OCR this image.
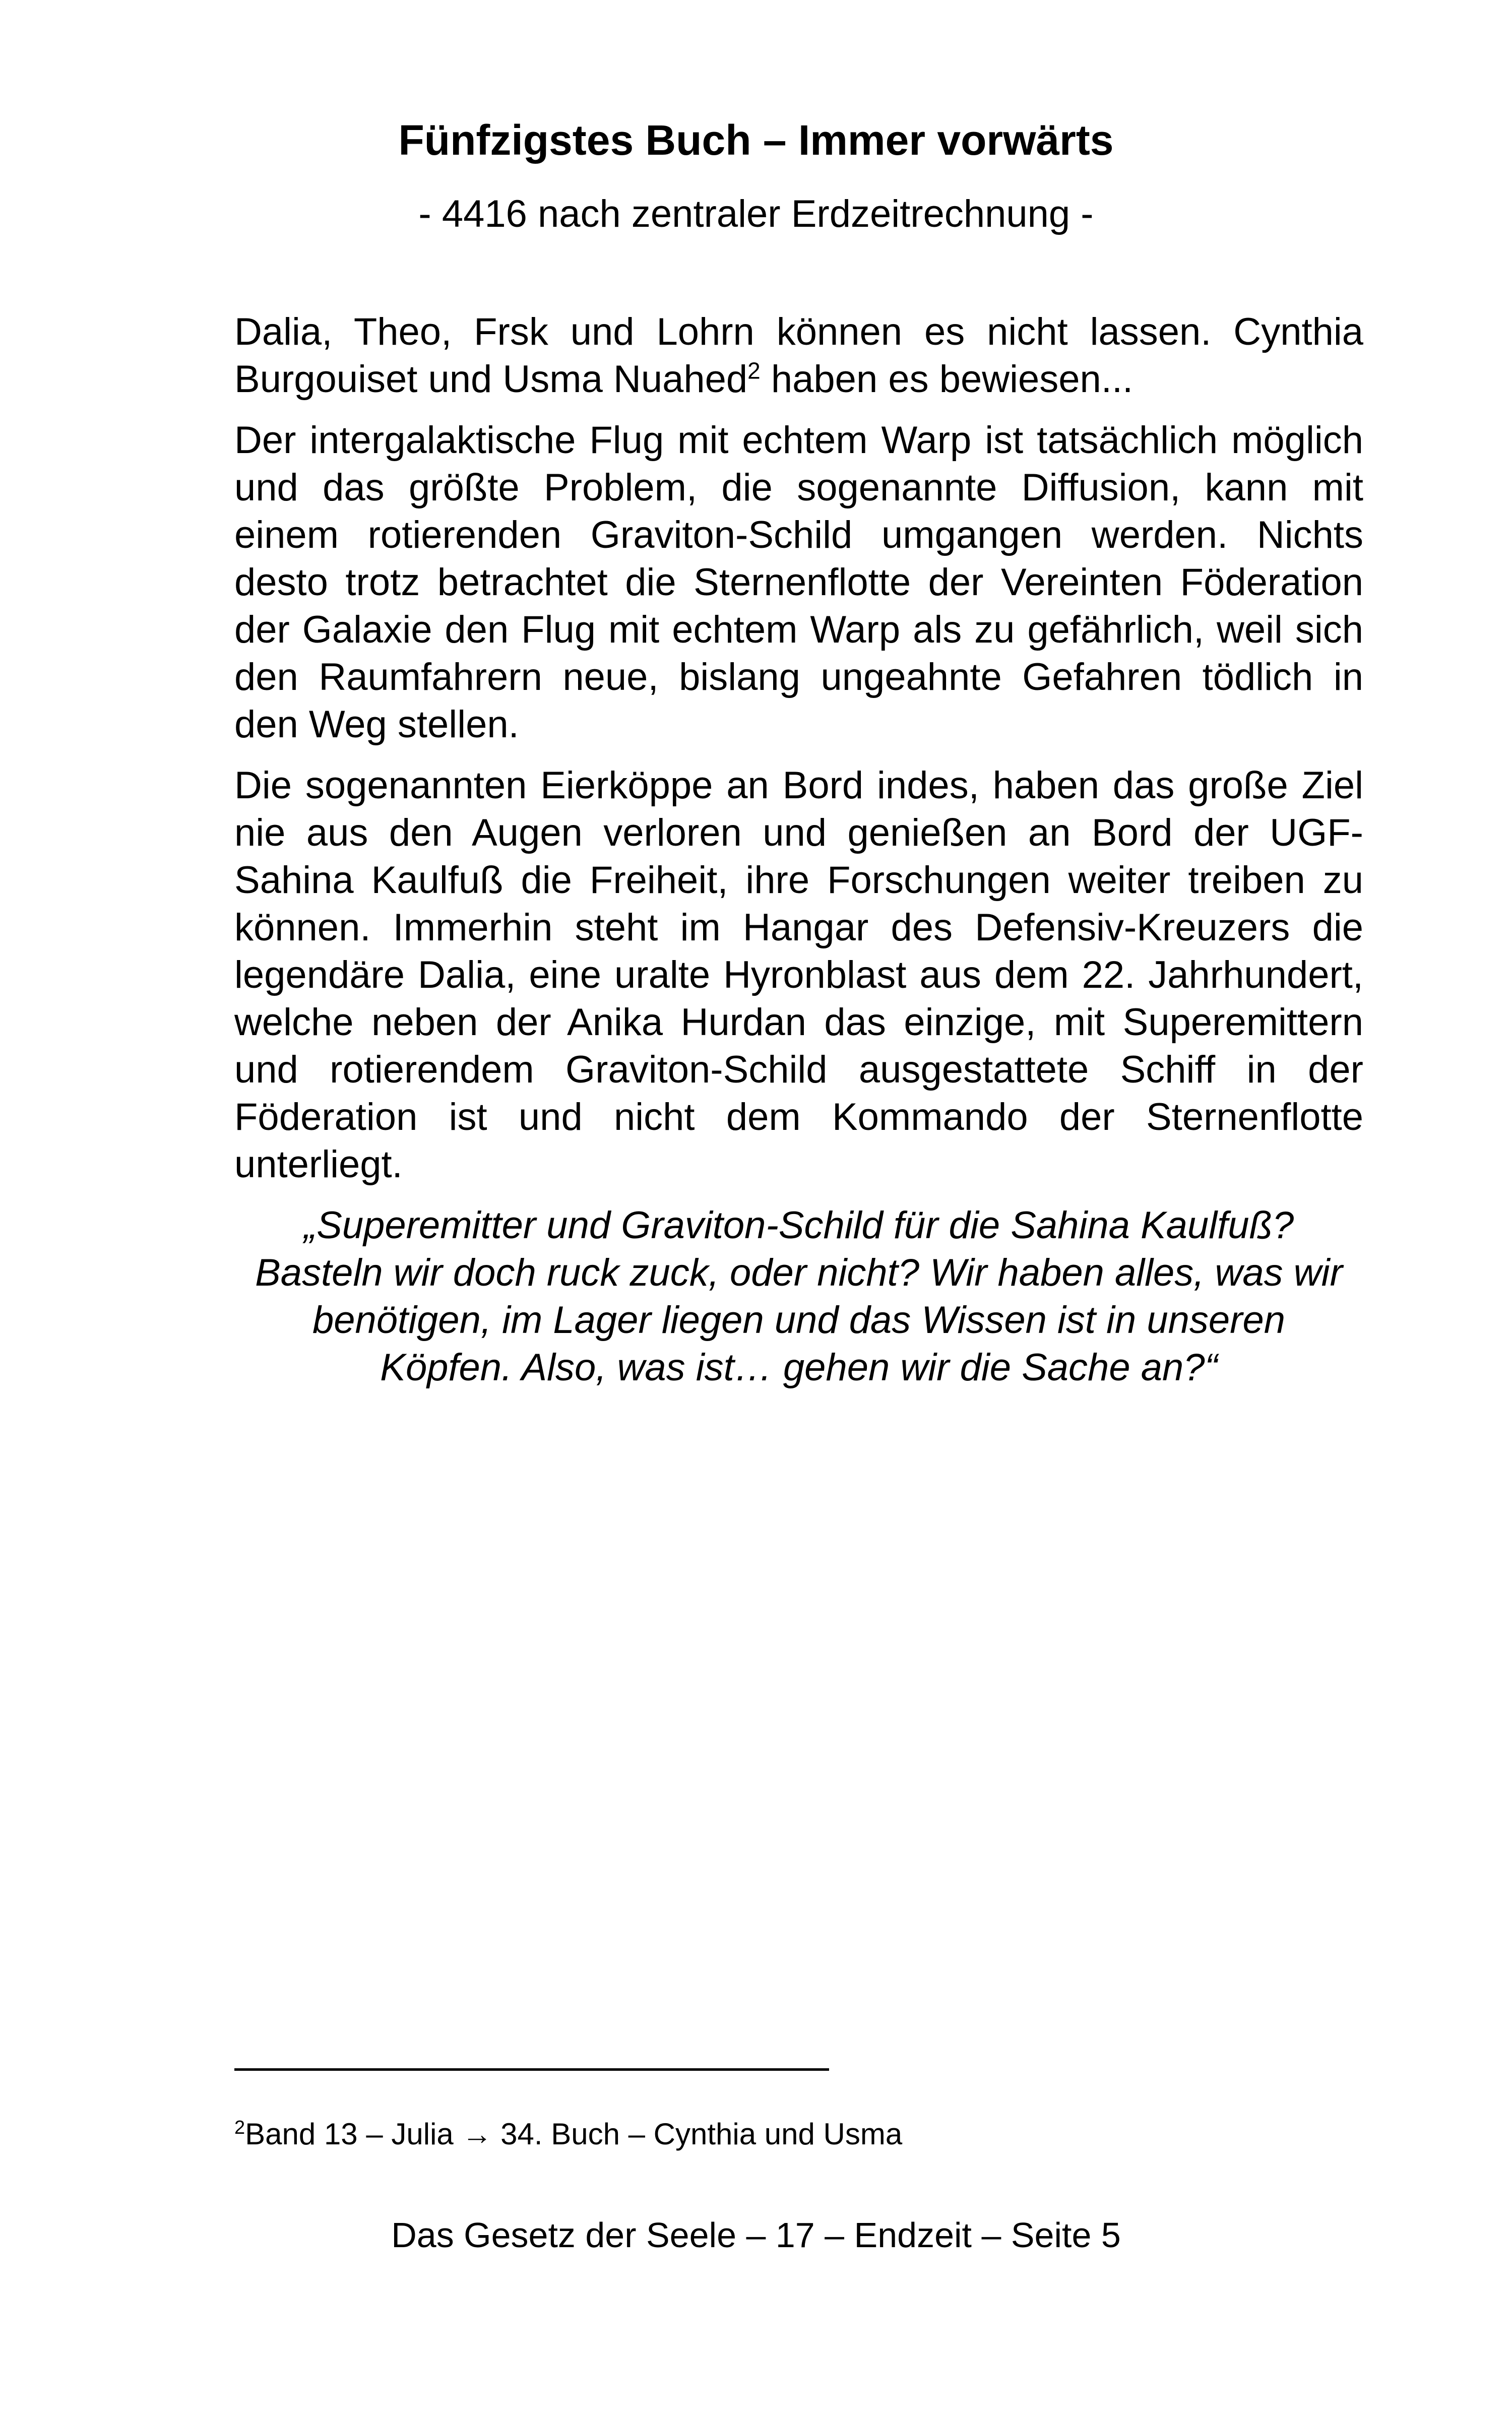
Fünfzigstes Buch – Immer vorwärts

- 4416 nach zentraler Erdzeitrechnung -

Dalia, Theo, Frsk und Lohrn können es nicht lassen. Cynthia Burgouiset und Usma Nuahed$^2$ haben es bewiesen...

Der intergalaktische Flug mit echtem Warp ist tatsächlich möglich und das größte Problem, die sogenannte Diffusion, kann mit einem rotierenden Graviton-Schild umgangen werden. Nichts desto trotz betrachtet die Sternenflotte der Vereinten Föderation der Galaxie den Flug mit echtem Warp als zu gefährlich, weil sich den Raumfahrern neue, bislang ungeahnte Gefahren tödlich in den Weg stellen.

Die sogenannten Eierköppe an Bord indes, haben das große Ziel nie aus den Augen verloren und genießen an Bord der UGF-Sahina Kaulfuß die Freiheit, ihre Forschungen weiter treiben zu können. Immerhin steht im Hangar des Defensiv-Kreuzers die legendäre Dalia, eine uralte Hyronblast aus dem 22. Jahrhundert, welche neben der Anika Hurdan das einzige, mit Superemittern und rotierendem Graviton-Schild ausgestattete Schiff in der Föderation ist und nicht dem Kommando der Sternenflotte unterliegt.

„Superemitter und Graviton-Schild für die Sahina Kaulfuß? Basteln wir doch ruck zuck, oder nicht? Wir haben alles, was wir benötigen, im Lager liegen und das Wissen ist in unseren Köpfen. Also, was ist… gehen wir die Sache an?“

$^2$Band 13 – Julia → 34. Buch – Cynthia und Usma

Das Gesetz der Seele – 17 – Endzeit – Seite 5
